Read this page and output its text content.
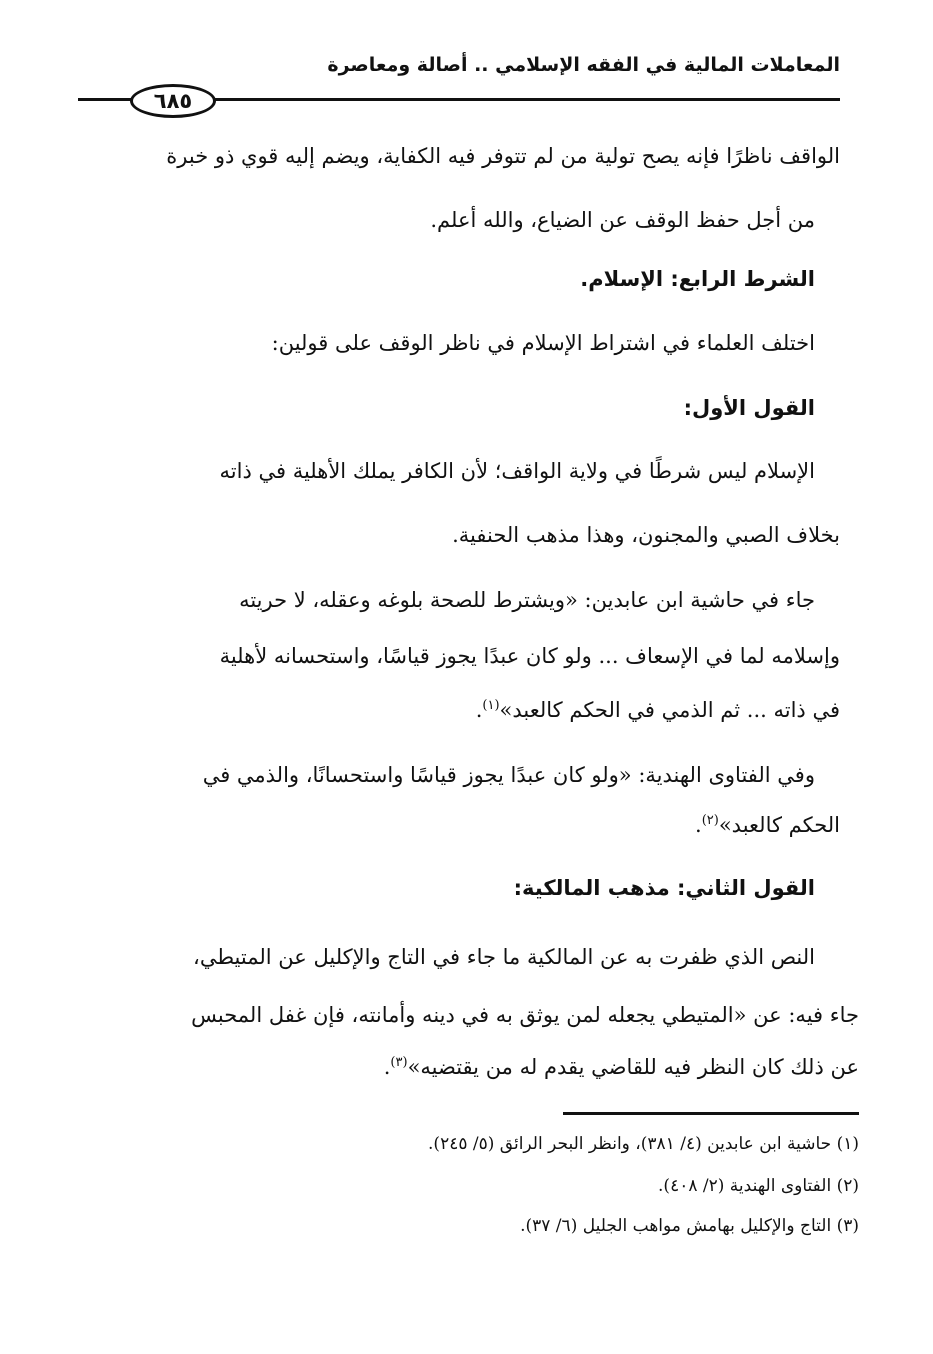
المعاملات المالية في الفقه الإسلامي .. أصالة ومعاصرة
٦٨٥
الواقف ناظرًا فإنه يصح تولية من لم تتوفر فيه الكفاية، ويضم إليه قوي ذو خبرة
من أجل حفظ الوقف عن الضياع، والله أعلم.
الشرط الرابع: الإسلام.
اختلف العلماء في اشتراط الإسلام في ناظر الوقف على قولين:
القول الأول:
الإسلام ليس شرطًا في ولاية الواقف؛ لأن الكافر يملك الأهلية في ذاته
بخلاف الصبي والمجنون، وهذا مذهب الحنفية.
جاء في حاشية ابن عابدين: «ويشترط للصحة بلوغه وعقله، لا حريته
وإسلامه لما في الإسعاف ... ولو كان عبدًا يجوز قياسًا، واستحسانه لأهلية
في ذاته ... ثم الذمي في الحكم كالعبد»$^{(١)}$.
وفي الفتاوى الهندية: «ولو كان عبدًا يجوز قياسًا واستحسانًا، والذمي في
الحكم كالعبد»$^{(٢)}$.
القول الثاني: مذهب المالكية:
النص الذي ظفرت به عن المالكية ما جاء في التاج والإكليل عن المتيطي،
جاء فيه: عن «المتيطي يجعله لمن يوثق به في دينه وأمانته، فإن غفل المحبس
عن ذلك كان النظر فيه للقاضي يقدم له من يقتضيه»$^{(٣)}$.
(١) حاشية ابن عابدين (٤/ ٣٨١)، وانظر البحر الرائق (٥/ ٢٤٥).
(٢) الفتاوى الهندية (٢/ ٤٠٨).
(٣) التاج والإكليل بهامش مواهب الجليل (٦/ ٣٧).
